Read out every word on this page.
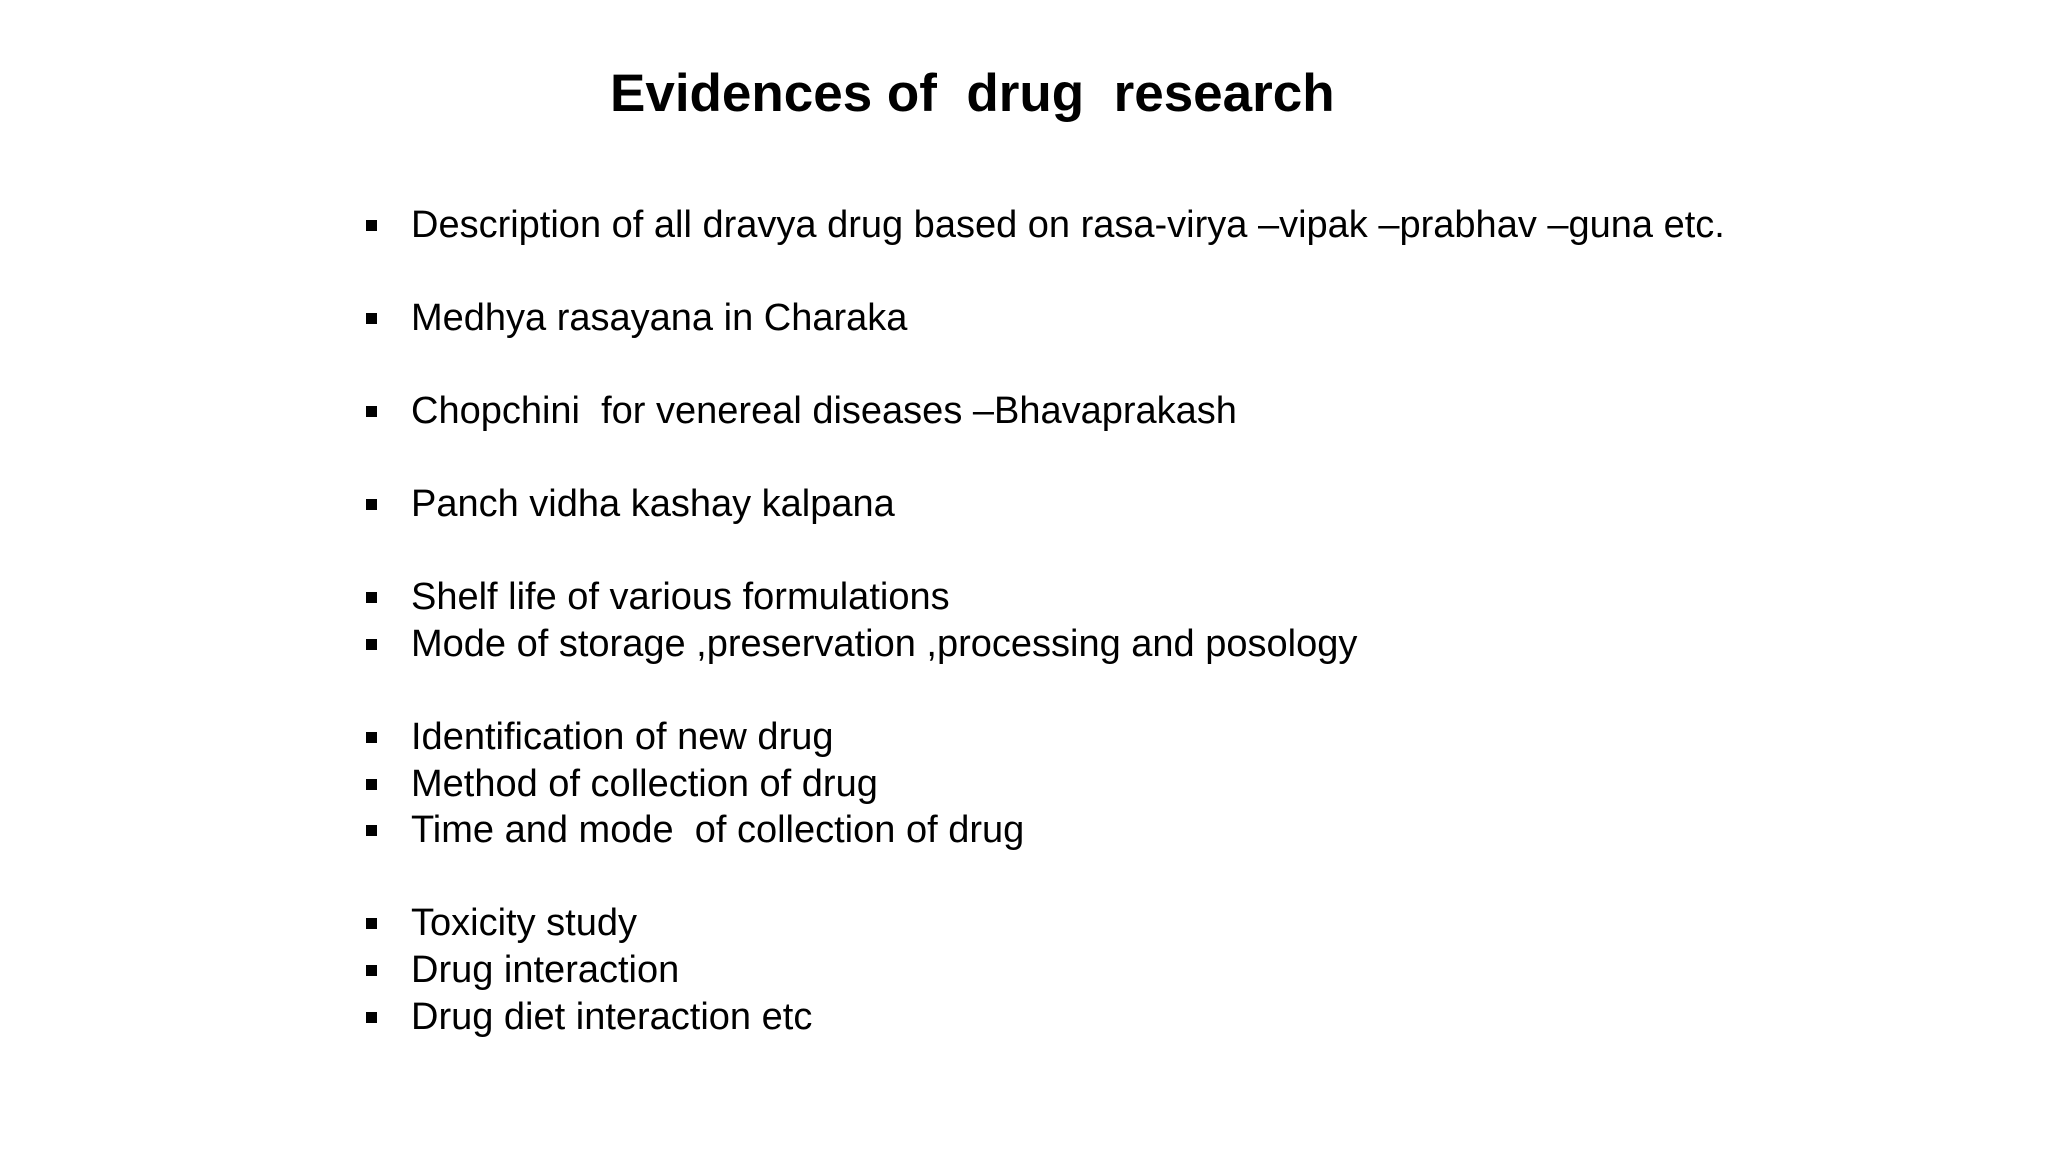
Evidences of  drug  research
Description of all dravya drug based on rasa-virya –vipak –prabhav –guna etc.
Medhya rasayana in Charaka
Chopchini  for venereal diseases –Bhavaprakash
Panch vidha kashay kalpana
Shelf life of various formulations
Mode of storage ,preservation ,processing and posology
Identification of new drug
Method of collection of drug
Time and mode  of collection of drug
Toxicity study
Drug interaction
Drug diet interaction etc
